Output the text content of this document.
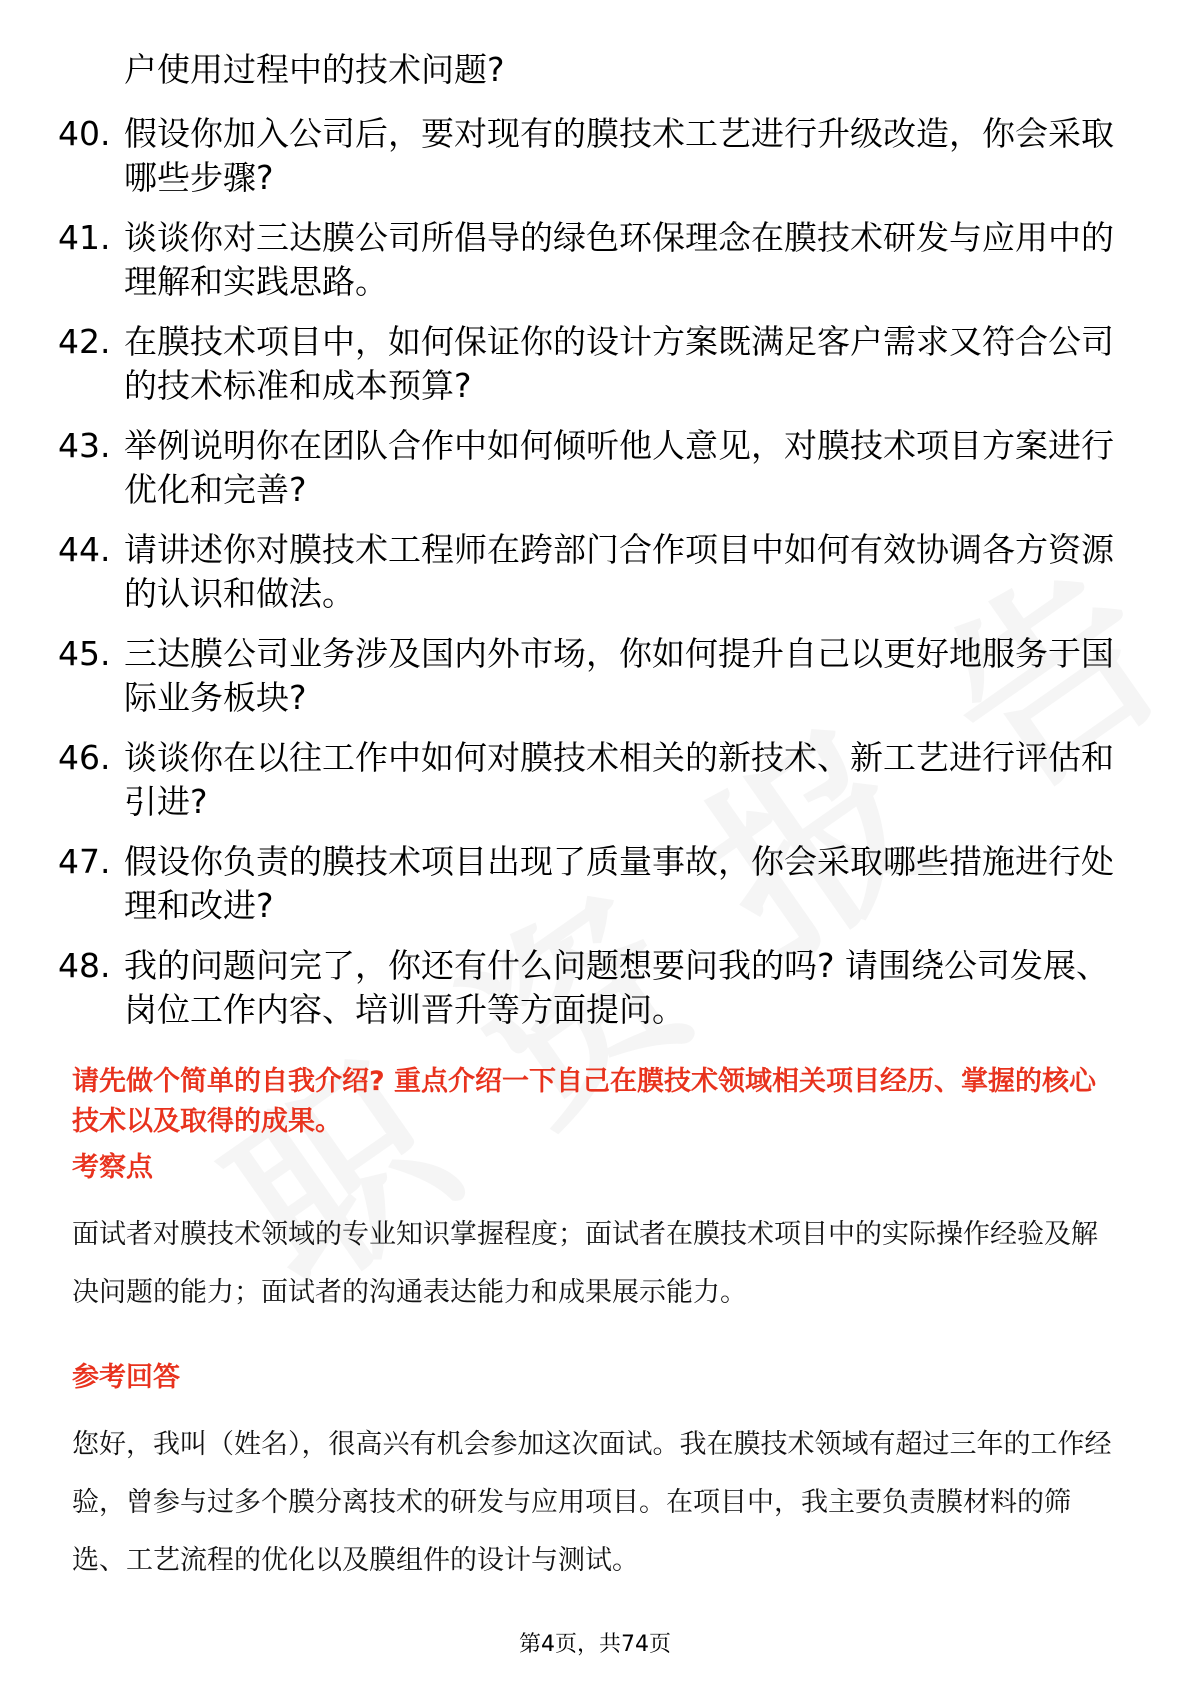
户使用过程中的技术问题?
40. 假设你加入公司后，要对现有的膜技术工艺进行升级改造，你会采取哪些步骤?
41. 谈谈你对三达膜公司所倡导的绿色环保理念在膜技术研发与应用中的理解和实践思路。
42. 在膜技术项目中，如何保证你的设计方案既满足客户需求又符合公司的技术标准和成本预算?
43. 举例说明你在团队合作中如何倾听他人意见，对膜技术项目方案进行优化和完善?
44. 请讲述你对膜技术工程师在跨部门合作项目中如何有效协调各方资源的认识和做法。
45. 三达膜公司业务涉及国内外市场，你如何提升自己以更好地服务于国际业务板块?
46. 谈谈你在以往工作中如何对膜技术相关的新技术、新工艺进行评估和引进?
47. 假设你负责的膜技术项目出现了质量事故，你会采取哪些措施进行处理和改进?
48. 我的问题问完了，你还有什么问题想要问我的吗? 请围绕公司发展、岗位工作内容、培训晋升等方面提问。
请先做个简单的自我介绍? 重点介绍一下自己在膜技术领域相关项目经历、掌握的核心技术以及取得的成果。
考察点
面试者对膜技术领域的专业知识掌握程度；面试者在膜技术项目中的实际操作经验及解决问题的能力；面试者的沟通表达能力和成果展示能力。
参考回答
您好，我叫（姓名），很高兴有机会参加这次面试。我在膜技术领域有超过三年的工作经验，曾参与过多个膜分离技术的研发与应用项目。在项目中，我主要负责膜材料的筛选、工艺流程的优化以及膜组件的设计与测试。
第4页，共74页
